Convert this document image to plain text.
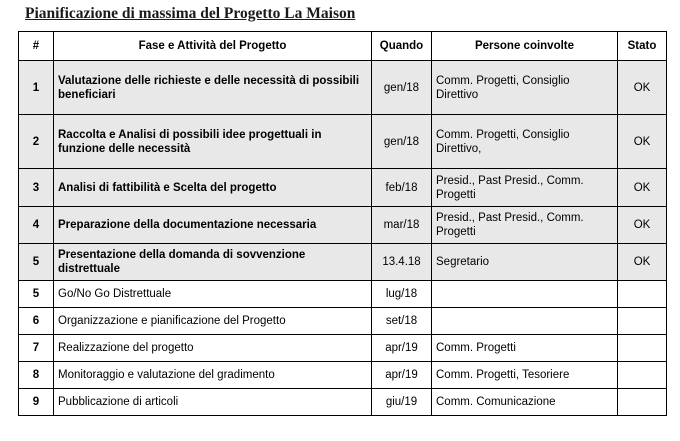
Pianificazione di massima del Progetto La Maison
#	Fase e Attività del Progetto	Quando	Persone coinvolte	Stato
1	Valutazione delle richieste e delle necessità di possibili beneficiari	gen/18	Comm. Progetti, Consiglio Direttivo	OK
2	Raccolta e Analisi di possibili idee progettuali in funzione delle necessità	gen/18	Comm. Progetti, Consiglio Direttivo,	OK
3	Analisi di fattibilità e Scelta del progetto	feb/18	Presid., Past Presid., Comm. Progetti	OK
4	Preparazione della documentazione necessaria	mar/18	Presid., Past Presid., Comm. Progetti	OK
5	Presentazione della domanda di sovvenzione distrettuale	13.4.18	Segretario	OK
5	Go/No Go Distrettuale	lug/18		
6	Organizzazione e pianificazione del Progetto	set/18		
7	Realizzazione del progetto	apr/19	Comm. Progetti	
8	Monitoraggio e valutazione del gradimento	apr/19	Comm. Progetti, Tesoriere	
9	Pubblicazione di articoli	giu/19	Comm. Comunicazione	
